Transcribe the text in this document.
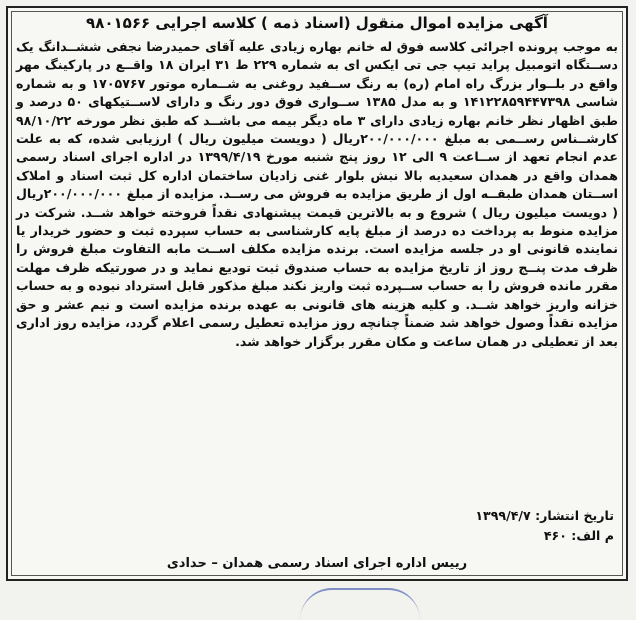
آگهی مزایده اموال منقول (اسناد ذمه ) کلاسه اجرایی ۹۸۰۱۵۶۶

به موجب پرونده اجرائی کلاسه فوق له خانم بهاره زیادی علیه آقای حمیدرضا نجفی ششــدانگ یک دســتگاه اتومبیل پراید تیپ جی تی ایکس ای به شماره ۲۲۹ ط ۳۱ ایران ۱۸ واقــع در پارکینگ مهر واقع در بلــوار بزرگ راه امام (ره) به رنگ ســفید روغنی به شــماره موتور ۱۷۰۵۷۶۷ و به شماره شاسی ۱۴۱۲۲۸۵۹۴۴۷۳۹۸ و به مدل ۱۳۸۵ ســواری فوق دور رنگ و دارای لاســتیکهای ۵۰ درصد و طبق اظهار نظر خانم بهاره زیادی دارای ۳ ماه دیگر بیمه می باشــد که طبق نظر مورخه ۹۸/۱۰/۲۲ کارشــناس رســمی به مبلغ ۲۰۰/۰۰۰/۰۰۰ریال ( دویست میلیون ریال ) ارزیابی شده، که به علت عدم انجام تعهد از ســاعت ۹ الی ۱۲ روز پنج شنبه مورخ ۱۳۹۹/۴/۱۹ در اداره اجرای اسناد رسمی همدان واقع در همدان سعیدیه بالا نبش بلوار غنی زادیان ساختمان اداره کل ثبت اسناد و املاک اســتان همدان طبقــه اول از طریق مزایده به فروش می رســد. مزایده از مبلغ ۲۰۰/۰۰۰/۰۰۰ریال ( دویست میلیون ریال ) شروع و به بالاترین قیمت پیشنهادی نقداً فروخته خواهد شــد. شرکت در مزایده منوط به پرداخت ده درصد از مبلغ پایه کارشناسی به حساب سپرده ثبت و حضور خریدار یا نماینده قانونی او در جلسه مزایده است. برنده مزایده مکلف اســت مابه التفاوت مبلغ فروش را ظرف مدت پنــج روز از تاریخ مزایده به حساب صندوق ثبت تودیع نماید و در صورتیکه ظرف مهلت مقرر مانده فروش را به حساب ســپرده ثبت واریز نکند مبلغ مذکور قابل استرداد نبوده و به حساب خزانه واریز خواهد شــد. و کلیه هزینه های قانونی به عهده برنده مزایده است و نیم عشر و حق مزایده نقداً وصول خواهد شد ضمناً چنانچه روز مزایده تعطیل رسمی اعلام گردد، مزایده روز اداری بعد از تعطیلی در همان ساعت و مکان مقرر برگزار خواهد شد.

تاریخ انتشار: ۱۳۹۹/۴/۷
م الف: ۴۶۰
رییس اداره اجرای اسناد رسمی همدان – حدادی
